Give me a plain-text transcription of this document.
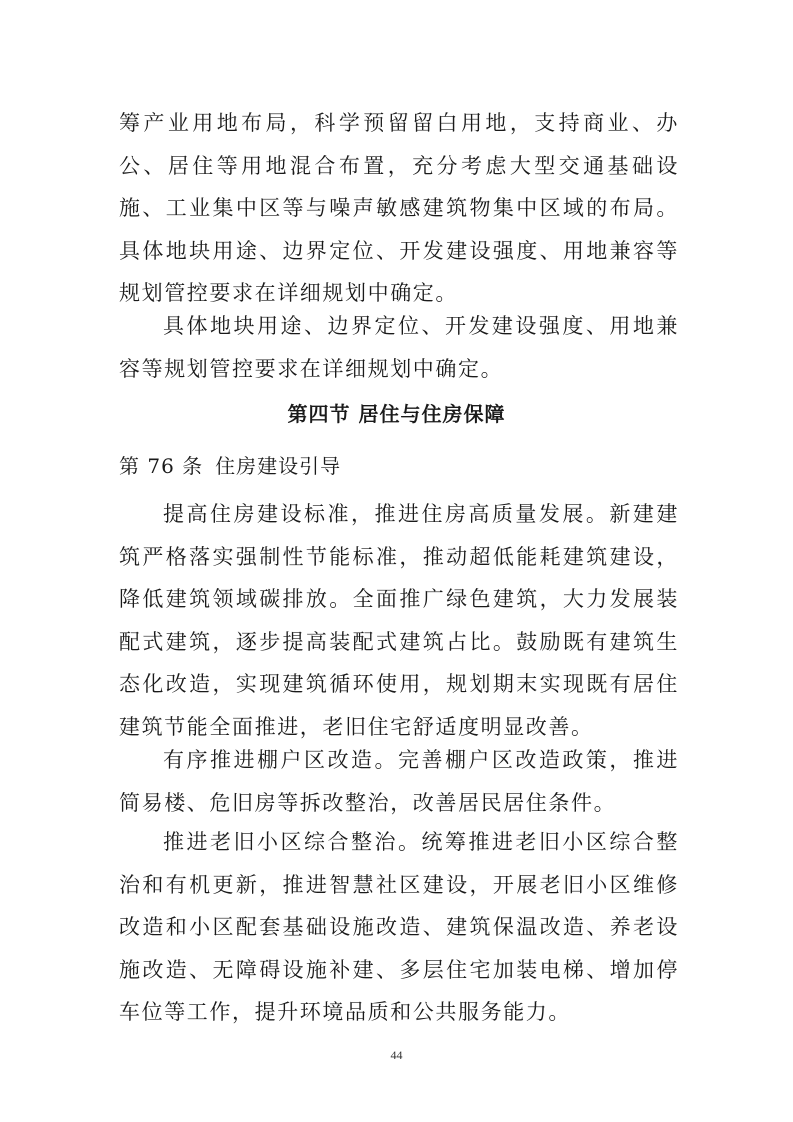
筹产业用地布局，科学预留留白用地，支持商业、办公、居住等用地混合布置，充分考虑大型交通基础设施、工业集中区等与噪声敏感建筑物集中区域的布局。具体地块用途、边界定位、开发建设强度、用地兼容等规划管控要求在详细规划中确定。

具体地块用途、边界定位、开发建设强度、用地兼容等规划管控要求在详细规划中确定。

第四节 居住与住房保障
第 76 条 住房建设引导

提高住房建设标准，推进住房高质量发展。新建建筑严格落实强制性节能标准，推动超低能耗建筑建设，降低建筑领域碳排放。全面推广绿色建筑，大力发展装配式建筑，逐步提高装配式建筑占比。鼓励既有建筑生态化改造，实现建筑循环使用，规划期末实现既有居住建筑节能全面推进，老旧住宅舒适度明显改善。

有序推进棚户区改造。完善棚户区改造政策，推进简易楼、危旧房等拆改整治，改善居民居住条件。

推进老旧小区综合整治。统筹推进老旧小区综合整治和有机更新，推进智慧社区建设，开展老旧小区维修改造和小区配套基础设施改造、建筑保温改造、养老设施改造、无障碍设施补建、多层住宅加装电梯、增加停车位等工作，提升环境品质和公共服务能力。

44
